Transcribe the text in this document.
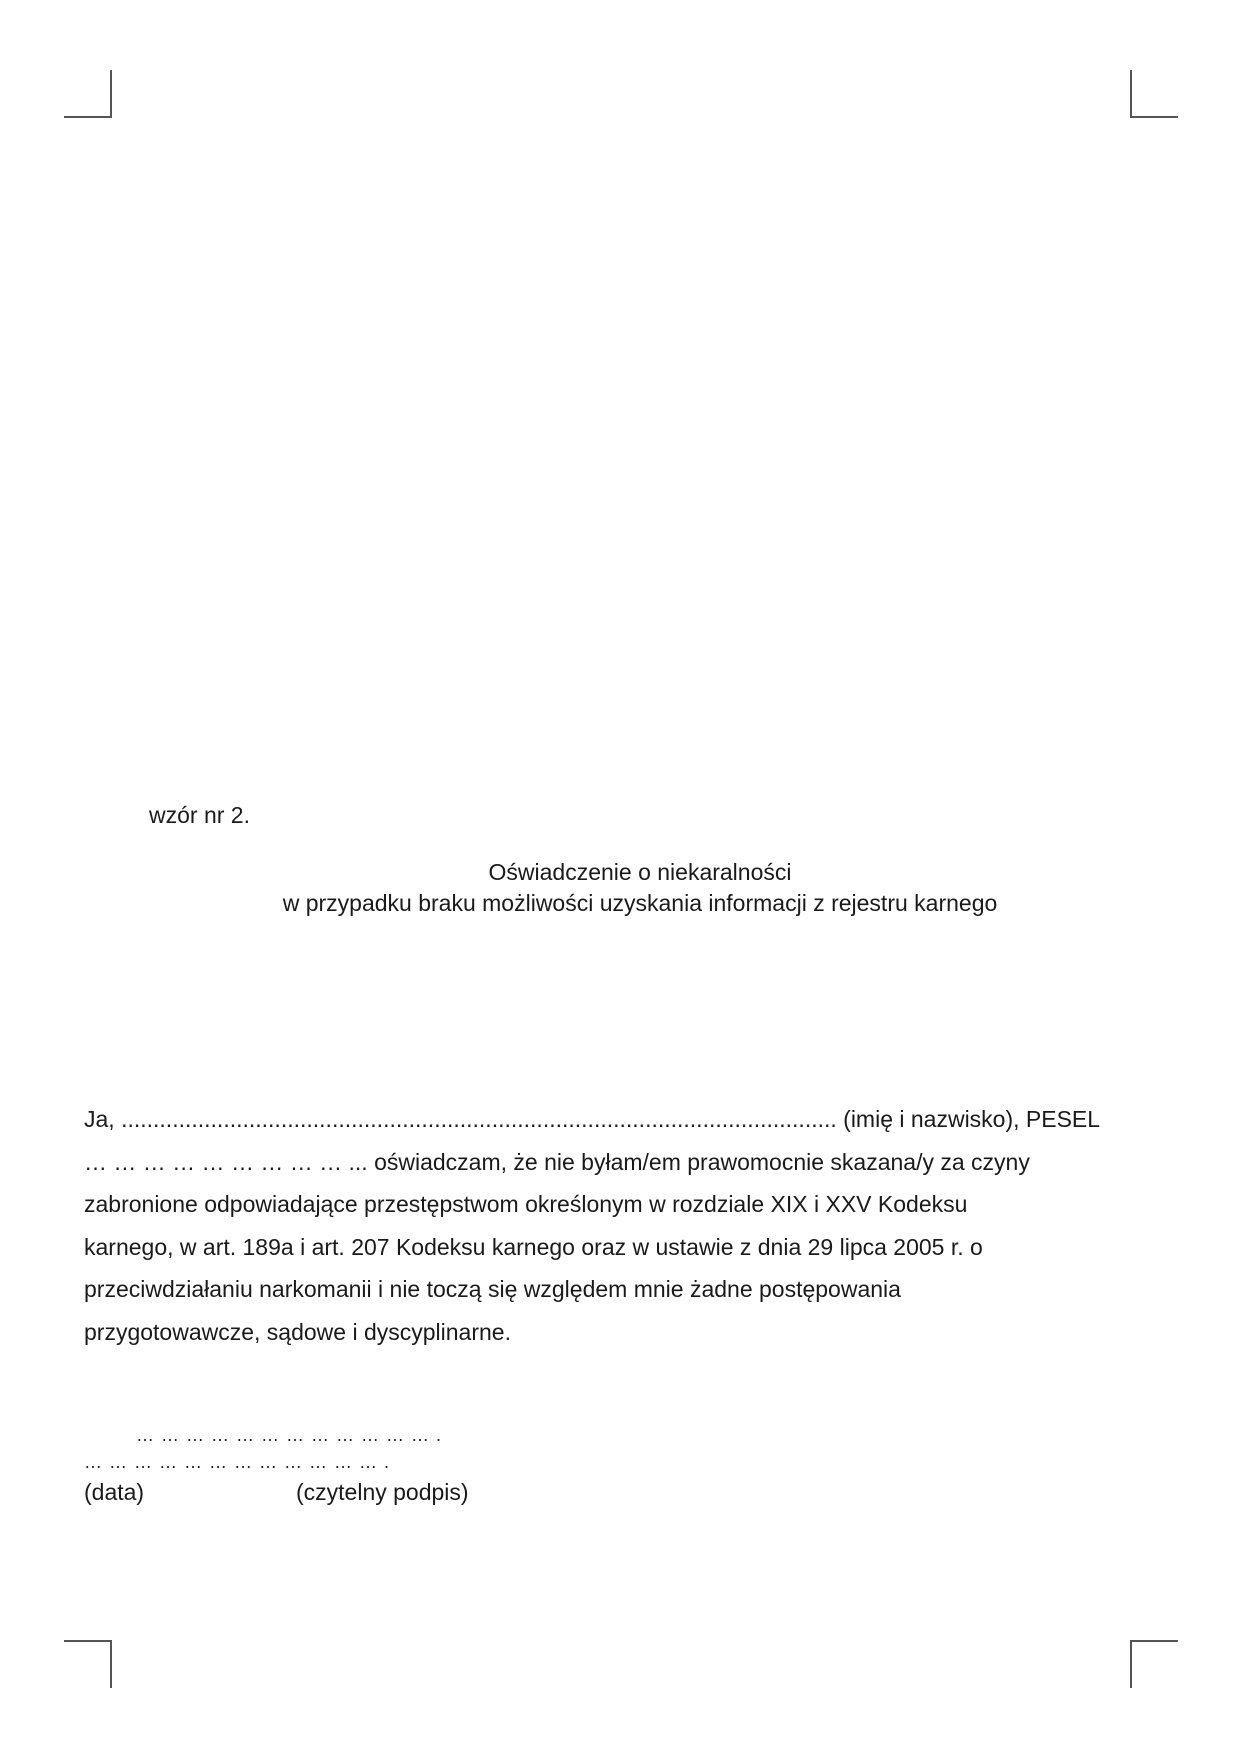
wzór nr 2.
Oświadczenie o niekaralności
w przypadku braku możliwości uzyskania informacji z rejestru karnego
Ja, ................................................................................................................ (imię i nazwisko), PESEL
… … … … … … … … … ... oświadczam, że nie byłam/em prawomocnie skazana/y za czyny
zabronione odpowiadające przestępstwom określonym w rozdziale XIX i XXV Kodeksu
karnego, w art. 189a i art. 207 Kodeksu karnego oraz w ustawie z dnia 29 lipca 2005 r. o
przeciwdziałaniu narkomanii i nie toczą się względem mnie żadne postępowania
przygotowawcze, sądowe i dyscyplinarne.
… … … … … … … … … … … … .
… … … … … … … … … … … … .
(data)	(czytelny podpis)
